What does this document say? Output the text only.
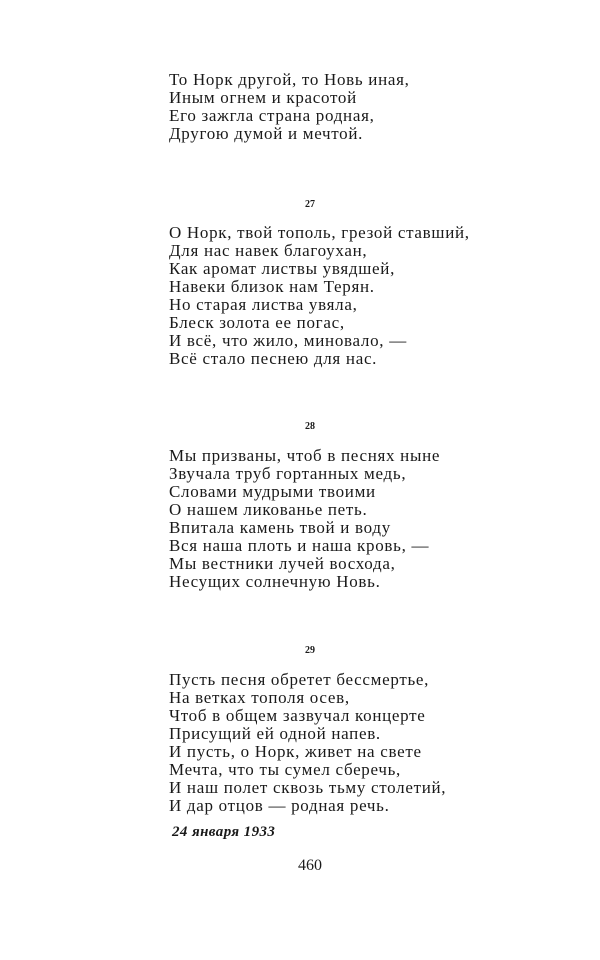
То Норк другой, то Новь иная,
Иным огнем и красотой
Его зажгла страна родная,
Другою думой и мечтой.
27
О Норк, твой тополь, грезой ставший,
Для нас навек благоухан,
Как аромат листвы увядшей,
Навеки близок нам Терян.
Но старая листва увяла,
Блеск золота ее погас,
И всё, что жило, миновало, —
Всё стало песнею для нас.
28
Мы призваны, чтоб в песнях ныне
Звучала труб гортанных медь,
Словами мудрыми твоими
О нашем ликованье петь.
Впитала камень твой и воду
Вся наша плоть и наша кровь, —
Мы вестники лучей восхода,
Несущих солнечную Новь.
29
Пусть песня обретет бессмертье,
На ветках тополя осев,
Чтоб в общем зазвучал концерте
Присущий ей одной напев.
И пусть, о Норк, живет на свете
Мечта, что ты сумел сберечь,
И наш полет сквозь тьму столетий,
И дар отцов — родная речь.
24 января 1933
460
